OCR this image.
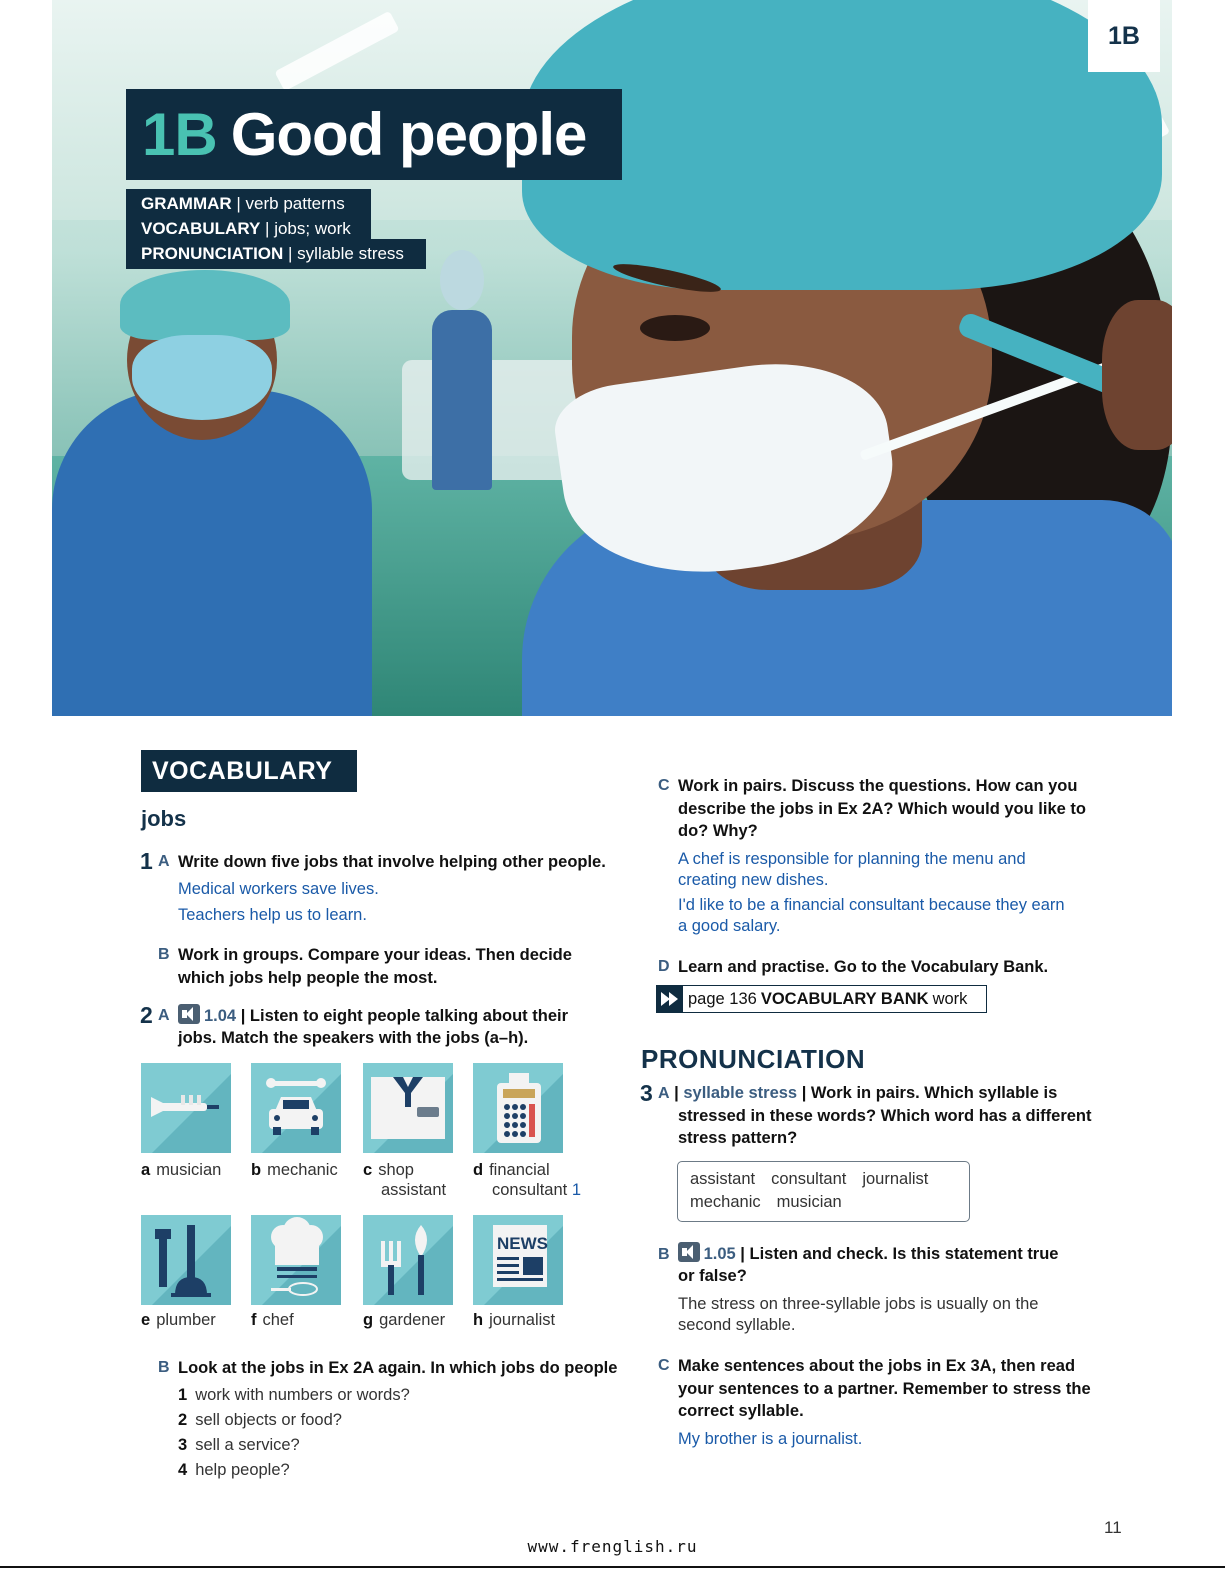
1B
1B Good people
GRAMMAR | verb patterns
VOCABULARY | jobs; work
PRONUNCIATION | syllable stress
VOCABULARY
jobs
1 A Write down five jobs that involve helping other people.
Medical workers save lives.
Teachers help us to learn.
B Work in groups. Compare your ideas. Then decide
which jobs help people the most.
2 A	1.04 | Listen to eight people talking about their
jobs. Match the speakers with the jobs (a–h).
a musician b mechanic c shop
assistant
d financial
consultant 1
NEWS
e plumber f chef	g gardener h journalist
B Look at the jobs in Ex 2A again. In which jobs do people
1 work with numbers or words?
2 sell objects or food?
3 sell a service?
4 help people?
C Work in pairs. Discuss the questions. How can you
describe the jobs in Ex 2A? Which would you like to
do? Why?
A chef is responsible for planning the menu and
creating new dishes.
I'd like to be a financial consultant because they earn
a good salary.
D Learn and practise. Go to the Vocabulary Bank.
page 136 VOCABULARY BANK work
PRONUNCIATION
3 A | syllable stress | Work in pairs. Which syllable is
stressed in these words? Which word has a different
stress pattern?
assistant consultant journalist
mechanic musician
B 1.05 | Listen and check. Is this statement true
or false?
The stress on three-syllable jobs is usually on the
second syllable.
C Make sentences about the jobs in Ex 3A, then read
your sentences to a partner. Remember to stress the
correct syllable.
My brother is a journalist.
11
www.frenglish.ru
